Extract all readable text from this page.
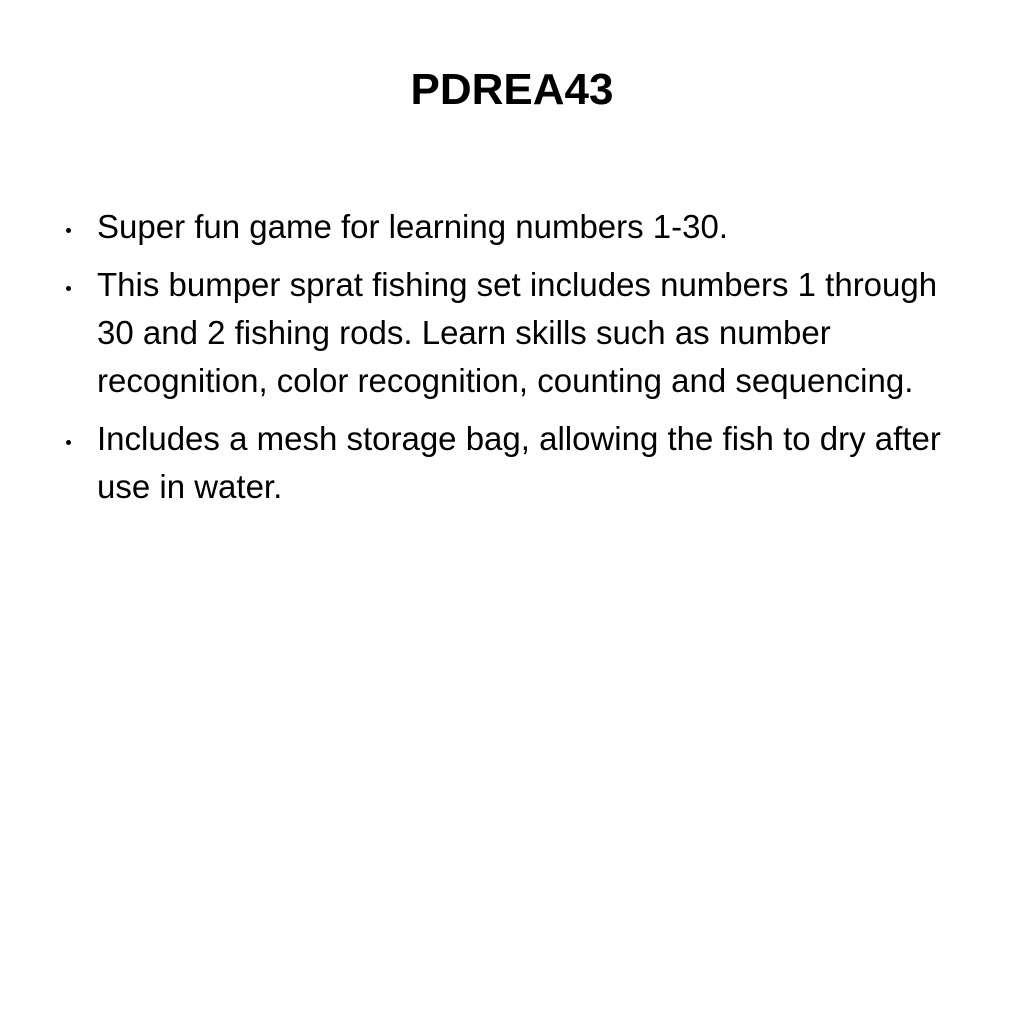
PDREA43
Super fun game for learning numbers 1-30.
This bumper sprat fishing set includes numbers 1 through 30 and 2 fishing rods. Learn skills such as number recognition, color recognition, counting and sequencing.
Includes a mesh storage bag, allowing the fish to dry after use in water.
